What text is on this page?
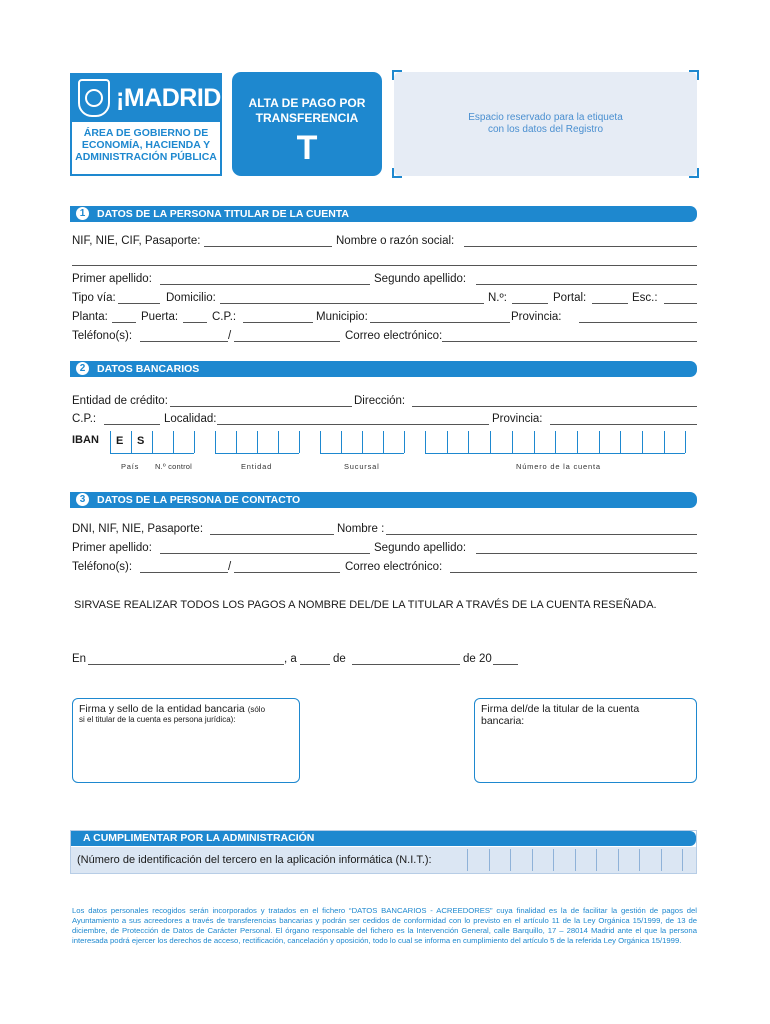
¡MADRID!
ÁREA DE GOBIERNO DE
ECONOMÍA, HACIENDA Y
ADMINISTRACIÓN PÚBLICA
ALTA DE PAGO POR
TRANSFERENCIA
T
Espacio reservado para la etiqueta
con los datos del Registro
1	DATOS DE LA PERSONA TITULAR DE LA CUENTA
NIF, NIE, CIF, Pasaporte:	Nombre o razón social:
Primer apellido:	Segundo apellido:
Tipo vía:	Domicilio:	N.º:	Portal:	Esc.:
Planta:	Puerta:	C.P.:	Municipio:	Provincia:
Teléfono(s):	/	Correo electrónico:
2	DATOS BANCARIOS
Entidad de crédito:	Dirección:
C.P.:	Localidad:	Provincia:
IBAN E S
País N.º control	Entidad	Sucursal	Número de la cuenta
3	DATOS DE LA PERSONA DE CONTACTO
DNI, NIF, NIE, Pasaporte:	Nombre :
Primer apellido:	Segundo apellido:
Teléfono(s):	/	Correo electrónico:
SIRVASE REALIZAR TODOS LOS PAGOS A NOMBRE DEL/DE LA TITULAR A TRAVÉS DE LA CUENTA RESEÑADA.
En	, a	de	de 20
Firma y sello de la entidad bancaria (sólo
si el titular de la cuenta es persona jurídica):
Firma del/de la titular de la cuenta
bancaria:
A CUMPLIMENTAR POR LA ADMINISTRACIÓN
(Número de identificación del tercero en la aplicación informática (N.I.T.):
Los datos personales recogidos serán incorporados y tratados en el fichero “DATOS BANCARIOS - ACREEDORES” cuya finalidad es la de facilitar la gestión de pagos del Ayuntamiento a sus acreedores a través de transferencias bancarias y podrán ser cedidos de conformidad con lo previsto en el artículo 11 de la Ley Orgánica 15/1999, de 13 de diciembre, de Protección de Datos de Carácter Personal. El órgano responsable del fichero es la Intervención General, calle Barquillo, 17 – 28014 Madrid ante el que la persona interesada podrá ejercer los derechos de acceso, rectificación, cancelación y oposición, todo lo cual se informa en cumplimiento del artículo 5 de la referida Ley Orgánica 15/1999.
